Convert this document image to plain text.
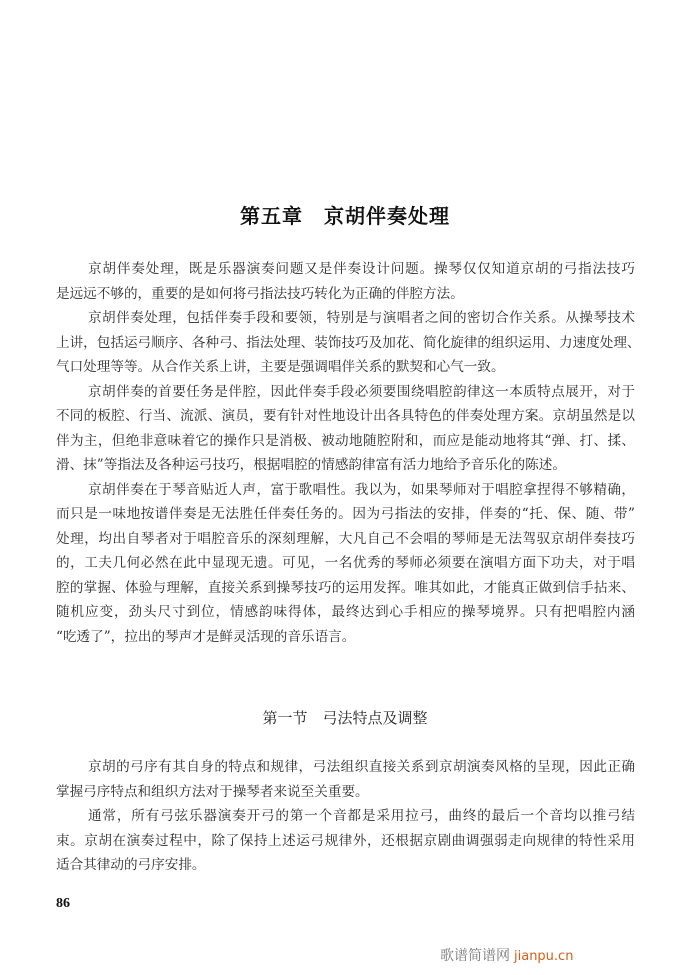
第五章　京胡伴奏处理
京胡伴奏处理，既是乐器演奏问题又是伴奏设计问题。操琴仅仅知道京胡的弓指法技巧
是远远不够的，重要的是如何将弓指法技巧转化为正确的伴腔方法。
京胡伴奏处理，包括伴奏手段和要领，特别是与演唱者之间的密切合作关系。从操琴技术
上讲，包括运弓顺序、各种弓、指法处理、装饰技巧及加花、简化旋律的组织运用、力速度处理、
气口处理等等。从合作关系上讲，主要是强调唱伴关系的默契和心气一致。
京胡伴奏的首要任务是伴腔，因此伴奏手段必须要围绕唱腔韵律这一本质特点展开，对于
不同的板腔、行当、流派、演员，要有针对性地设计出各具特色的伴奏处理方案。京胡虽然是以
伴为主，但绝非意味着它的操作只是消极、被动地随腔附和，而应是能动地将其“弹、打、揉、
滑、抹”等指法及各种运弓技巧，根据唱腔的情感韵律富有活力地给予音乐化的陈述。
京胡伴奏在于琴音贴近人声，富于歌唱性。我以为，如果琴师对于唱腔拿捏得不够精确，
而只是一味地按谱伴奏是无法胜任伴奏任务的。因为弓指法的安排，伴奏的“托、保、随、带”
处理，均出自琴者对于唱腔音乐的深刻理解，大凡自己不会唱的琴师是无法驾驭京胡伴奏技巧
的，工夫几何必然在此中显现无遗。可见，一名优秀的琴师必须要在演唱方面下功夫，对于唱
腔的掌握、体验与理解，直接关系到操琴技巧的运用发挥。唯其如此，才能真正做到信手拈来、
随机应变，劲头尺寸到位，情感韵味得体，最终达到心手相应的操琴境界。只有把唱腔内涵
“吃透了”，拉出的琴声才是鲜灵活现的音乐语言。
第一节　弓法特点及调整
京胡的弓序有其自身的特点和规律，弓法组织直接关系到京胡演奏风格的呈现，因此正确
掌握弓序特点和组织方法对于操琴者来说至关重要。
通常，所有弓弦乐器演奏开弓的第一个音都是采用拉弓，曲终的最后一个音均以推弓结
束。京胡在演奏过程中，除了保持上述运弓规律外，还根据京剧曲调强弱走向规律的特性采用
适合其律动的弓序安排。
86
歌谱简谱网 jianpu.cn
